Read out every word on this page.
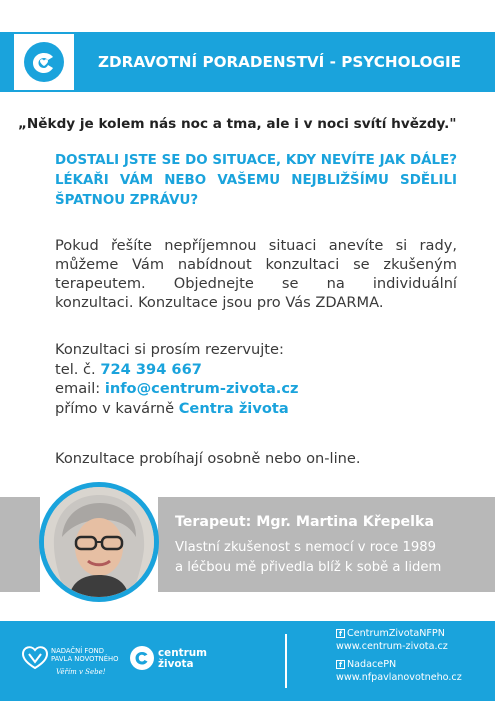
ZDRAVOTNÍ PORADENSTVÍ - PSYCHOLOGIE
„Někdy je kolem nás noc a tma, ale i v noci svítí hvězdy."
DOSTALI JSTE SE DO SITUACE, KDY NEVÍTE JAK DÁLE?
LÉKAŘI VÁM NEBO VAŠEMU NEJBLIŽŠÍMU SDĚLILI
ŠPATNOU ZPRÁVU?
Pokud řešíte nepříjemnou situaci anevíte si rady,
můžeme Vám nabídnout konzultaci se zkušeným
terapeutem. Objednejte se na individuální
konzultaci. Konzultace jsou pro Vás ZDARMA.
Konzultaci si prosím rezervujte:
tel. č. 724 394 667
email: info@centrum-zivota.cz
přímo v kavárně Centra života
Konzultace probíhají osobně nebo on-line.
Terapeut: Mgr. Martina Křepelka
Vlastní zkušenost s nemocí v roce 1989
a léčbou mě přivedla blíž k sobě a lidem
NADAČNÍ FOND
PAVLA NOVOTNÉHO
Věřím v Sebe!
centrum
života
f CentrumZivotaNFPN
www.centrum-zivota.cz
f NadacePN
www.nfpavlanovotneho.cz
